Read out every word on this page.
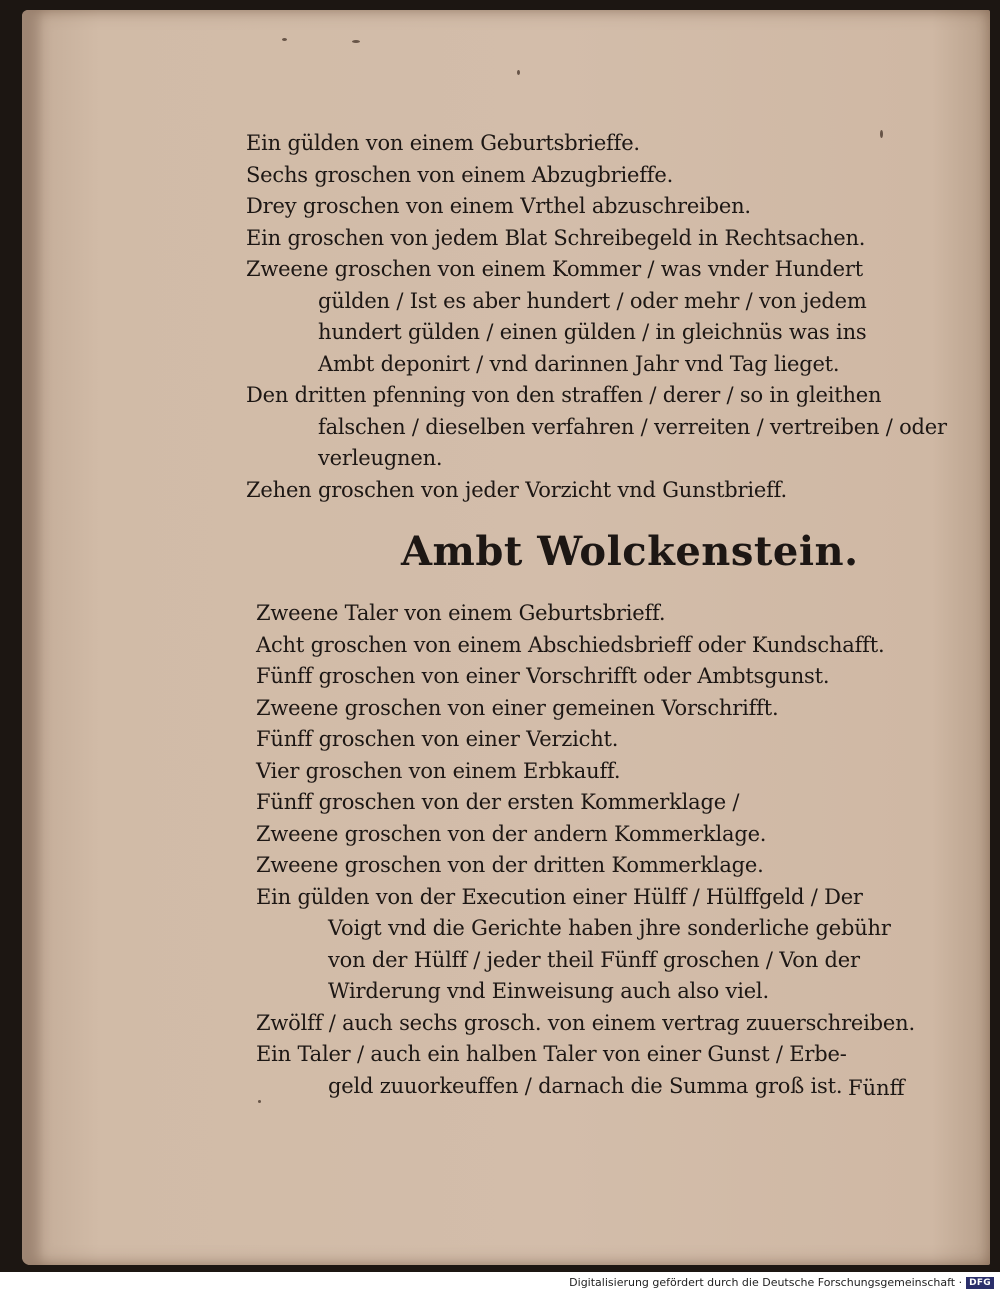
Ein gülden von einem Geburtsbrieffe.
Sechs groschen von einem Abzugbrieffe.
Drey groschen von einem Vrthel abzuschreiben.
Ein groschen von jedem Blat Schreibegeld in Rechtsachen.
Zweene groschen von einem Kommer / was vnder Hundert
gülden / Ist es aber hundert / oder mehr / von jedem
hundert gülden / einen gülden / in gleichnüs was ins
Ambt deponirt / vnd darinnen Jahr vnd Tag lieget.
Den dritten pfenning von den straffen / derer / so in gleithen
falschen / dieselben verfahren / verreiten / vertreiben / oder
verleugnen.
Zehen groschen von jeder Vorzicht vnd Gunstbrieff.
Ambt Wolckenstein.
Zweene Taler von einem Geburtsbrieff.
Acht groschen von einem Abschiedsbrieff oder Kundschafft.
Fünff groschen von einer Vorschrifft oder Ambtsgunst.
Zweene groschen von einer gemeinen Vorschrifft.
Fünff groschen von einer Verzicht.
Vier groschen von einem Erbkauff.
Fünff groschen von der ersten Kommerklage /
Zweene groschen von der andern Kommerklage.
Zweene groschen von der dritten Kommerklage.
Ein gülden von der Execution einer Hülff / Hülffgeld / Der
Voigt vnd die Gerichte haben jhre sonderliche gebühr
von der Hülff / jeder theil Fünff groschen / Von der
Wirderung vnd Einweisung auch also viel.
Zwölff / auch sechs grosch. von einem vertrag zuuerschreiben.
Ein Taler / auch ein halben Taler von einer Gunst / Erbe-
geld zuuorkeuffen / darnach die Summa groß ist. Fünff
Digitalisierung gefördert durch die Deutsche Forschungsgemeinschaft · DFG
